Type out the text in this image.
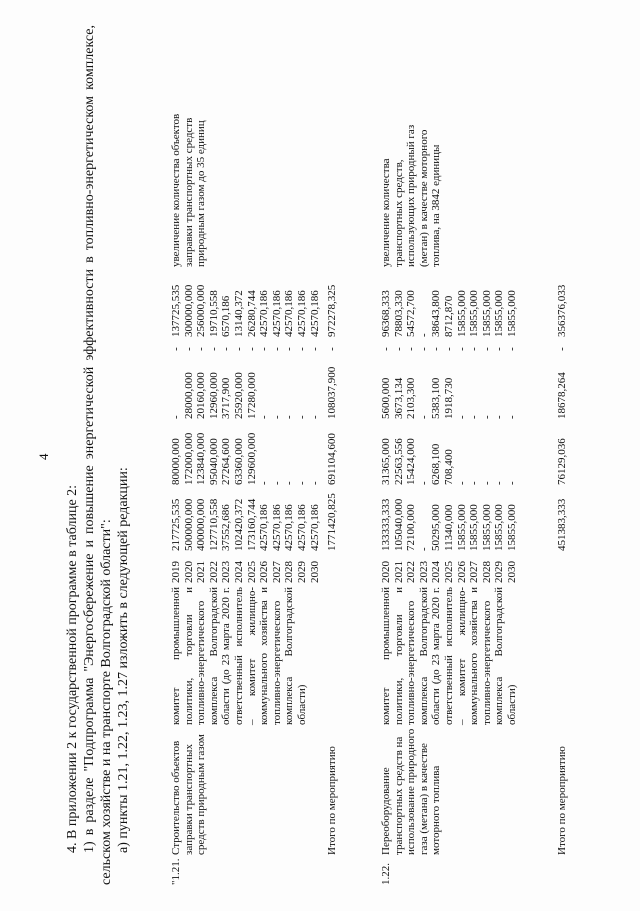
4

4. В приложении 2 к государственной программе в таблице 2: 1) в разделе "Подпрограмма "Энергосбережение и повышение энергетической эффективности в топливно-энергетическом комплексе, сельском хозяйстве и на транспорте Волгоградской области": а) пункты 1.21, 1.22, 1.23, 1.27 изложить в следующей редакции:

"1.21.
Строительство объектов заправки транспортных средств природным газом
комитет промышленной политики, торговли и топливно-энергетического комплекса Волгоградской области (до 23 марта 2020 г. ответственный исполнитель – комитет жилищно-коммунального хозяйства и топливно-энергетического комплекса Волгоградской области)
2019 2020 2021 2022 2023 2024 2025 2026 2027 2028 2029 2030
217725,535 500000,000 400000,000 127710,558 37552,686 102420,372 173160,744 42570,186 42570,186 42570,186 42570,186 42570,186
80000,000 172000,000 123840,000 95040,000 27264,600 63360,000 129600,000 - - - - -
- 28000,000 20160,000 12960,000 3717,900 25920,000 17280,000 - - - - -
- - - - - - - - - - - -
137725,535 300000,000 256000,000 19710,558 6570,186 13140,372 26280,744 42570,186 42570,186 42570,186 42570,186 42570,186
увеличение количества объектов заправки транспортных средств природным газом до 35 единиц
Итого по мероприятию
1771420,825
691104,600
108037,900
-
972278,325
1.22.
Переоборудование транспортных средств на использование природного газа (метана) в качестве моторного топлива
комитет промышленной политики, торговли и топливно-энергетического комплекса Волгоградской области (до 23 марта 2020 г. ответственный исполнитель – комитет жилищно-коммунального хозяйства и топливно-энергетического комплекса Волгоградской области)
2020 2021 2022 2023 2024 2025 2026 2027 2028 2029 2030
133333,333 105040,000 72100,000 - 50295,000 11340,000 15855,000 15855,000 15855,000 15855,000 15855,000
31365,000 22563,556 15424,000 - 6268,100 708,400 - - - - -
5600,000 3673,134 2103,300 - 5383,100 1918,730 - - - - -
- - - - - - - - - - -
96368,333 78803,330 54572,700 - 38643,800 8712,870 15855,000 15855,000 15855,000 15855,000 15855,000
увеличение количества транспортных средств, использующих природный газ (метан) в качестве моторного топлива, на 3842 единицы
Итого по мероприятию
451383,333
76129,036
18678,264
-
356376,033
